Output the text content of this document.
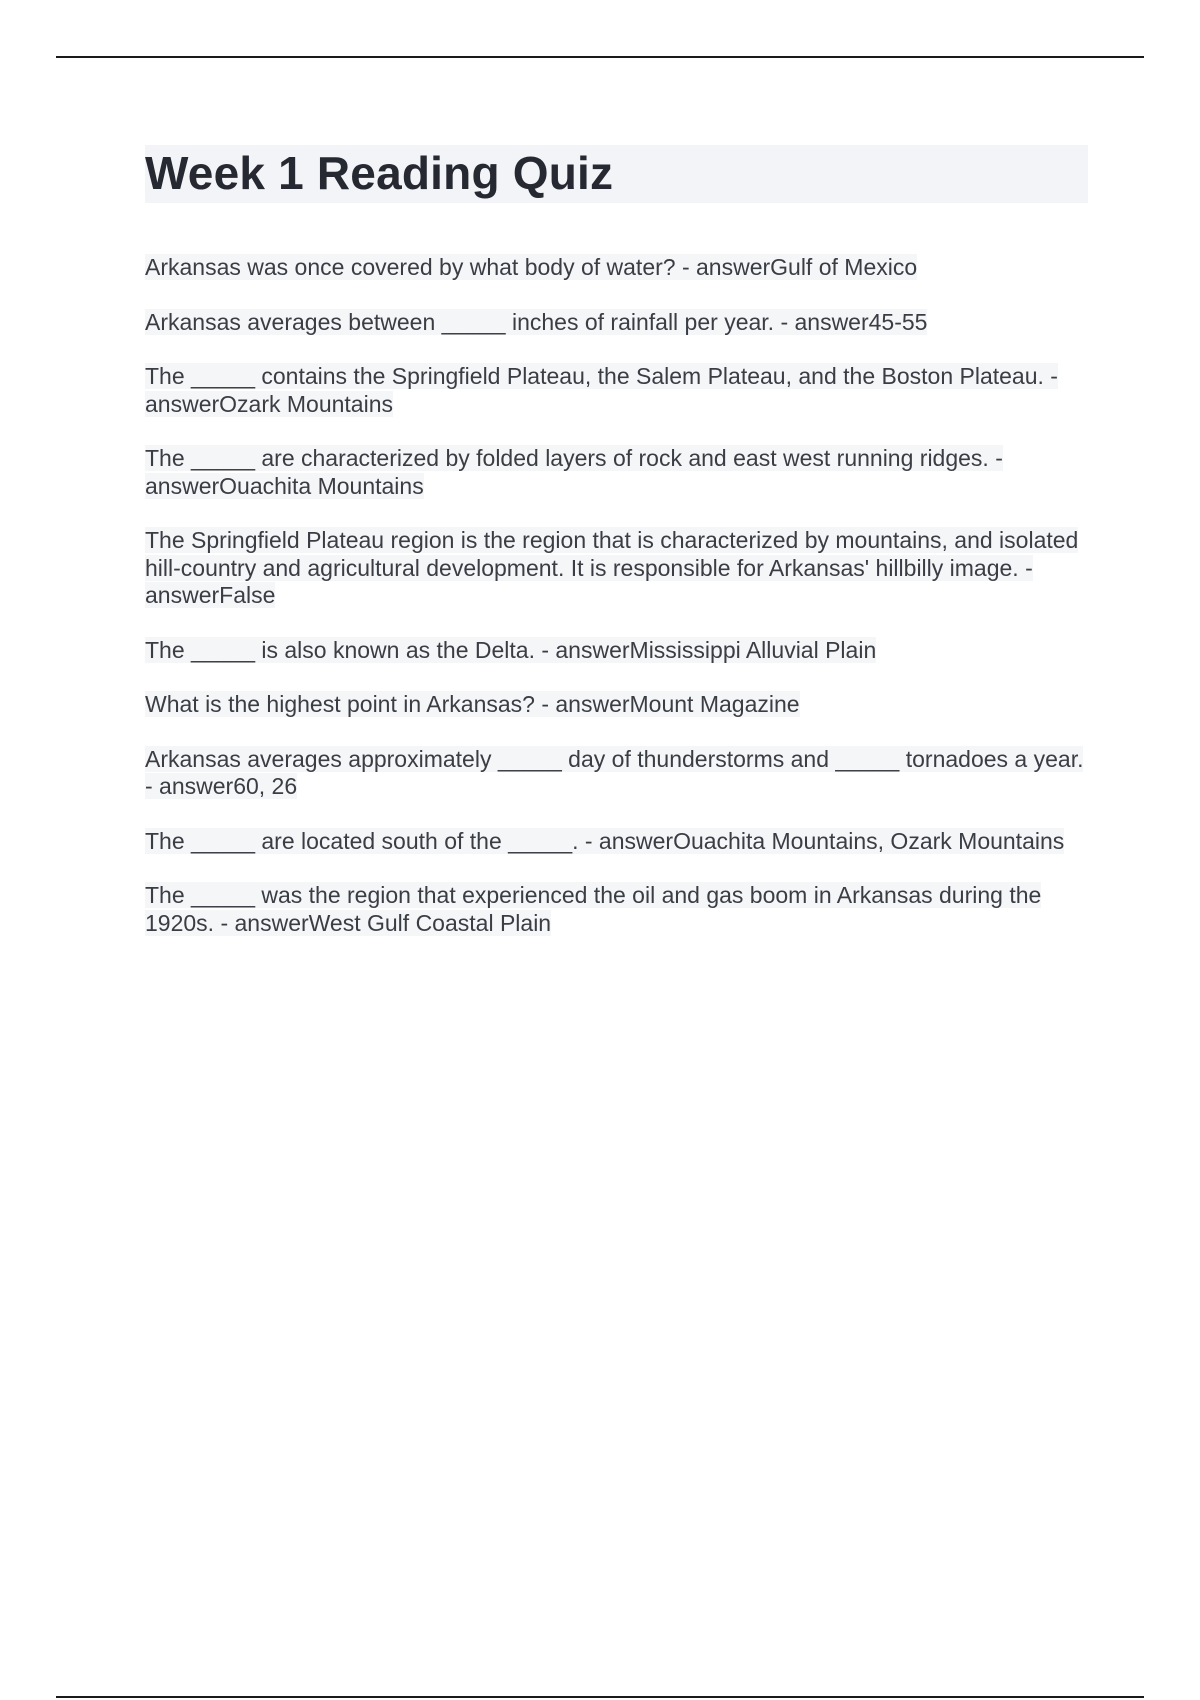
Week 1 Reading Quiz
Arkansas was once covered by what body of water? - answerGulf of Mexico
Arkansas averages between _____ inches of rainfall per year. - answer45-55
The _____ contains the Springfield Plateau, the Salem Plateau, and the Boston Plateau. - answerOzark Mountains
The _____ are characterized by folded layers of rock and east west running ridges. - answerOuachita Mountains
The Springfield Plateau region is the region that is characterized by mountains, and isolated hill-country and agricultural development. It is responsible for Arkansas' hillbilly image. - answerFalse
The _____ is also known as the Delta. - answerMississippi Alluvial Plain
What is the highest point in Arkansas? - answerMount Magazine
Arkansas averages approximately _____ day of thunderstorms and _____ tornadoes a year. - answer60, 26
The _____ are located south of the _____. - answerOuachita Mountains, Ozark Mountains
The _____ was the region that experienced the oil and gas boom in Arkansas during the 1920s. - answerWest Gulf Coastal Plain
